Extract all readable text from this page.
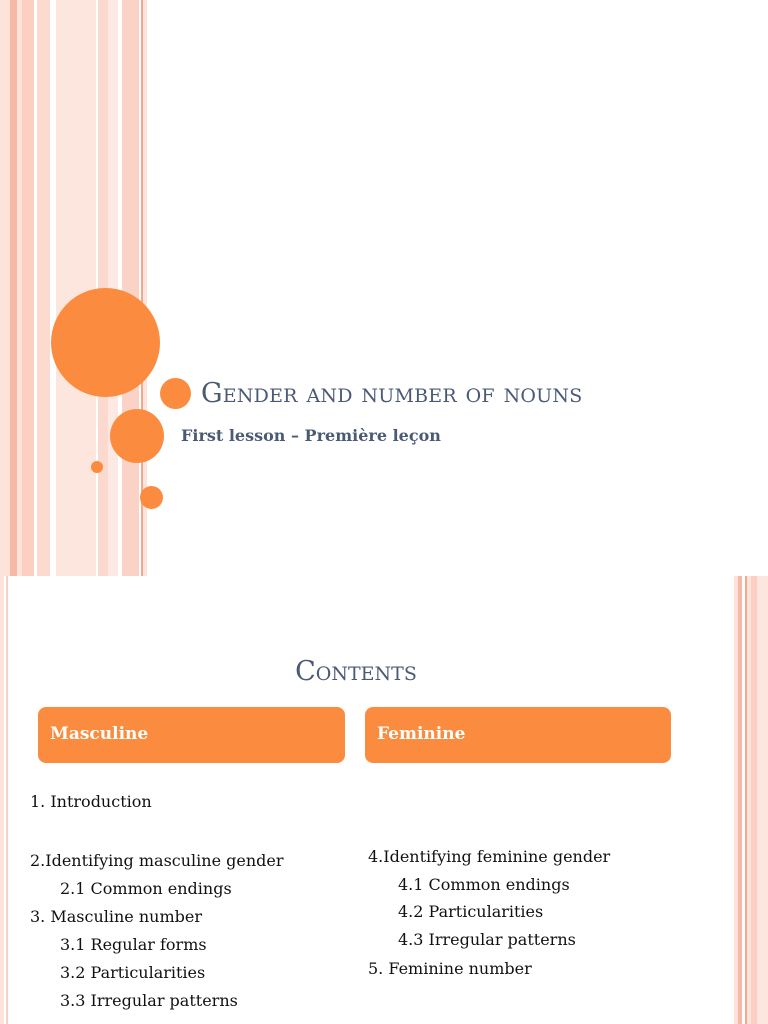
Gender and number of nouns
First lesson – Première leçon
Contents
Masculine	Feminine
1. Introduction
2.Identifying masculine gender
2.1 Common endings
3. Masculine number
3.1 Regular forms
3.2 Particularities
3.3 Irregular patterns
4.Identifying feminine gender
4.1 Common endings
4.2 Particularities
4.3 Irregular patterns
5. Feminine number
